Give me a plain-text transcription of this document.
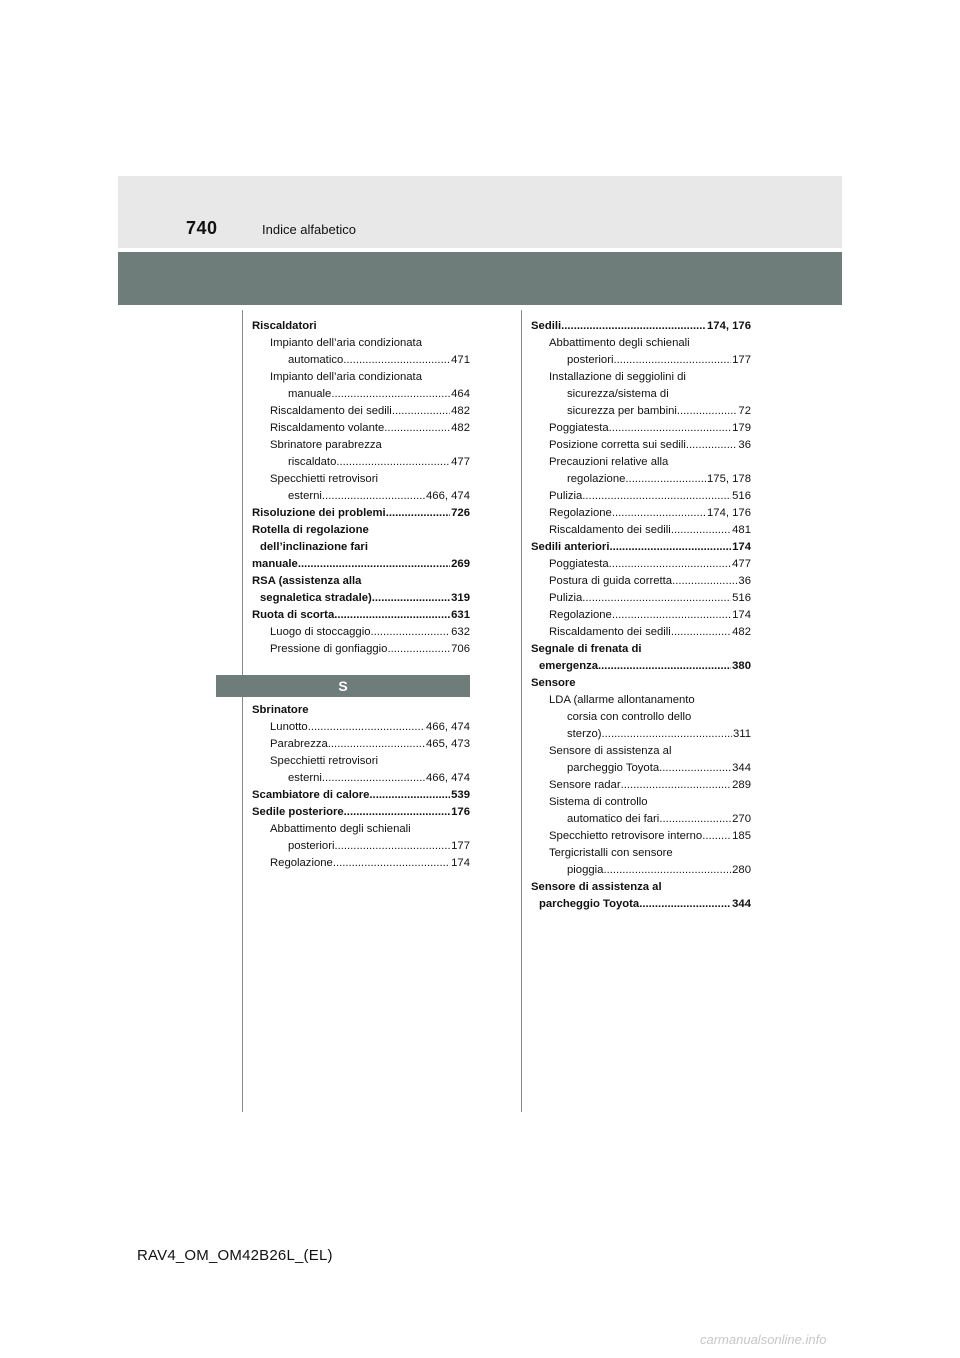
740	Indice alfabetico
Riscaldatori
Impianto dell’aria condizionata
automatico .....	471
Impianto dell’aria condizionata
manuale .....	464
Riscaldamento dei sedili .....	482
Riscaldamento volante .....	482
Sbrinatore parabrezza
riscaldato .....	477
Specchietti retrovisori
esterni .....	466, 474
Risoluzione dei problemi .....	726
Rotella di regolazione
dell’inclinazione fari
manuale .....	269
RSA (assistenza alla
segnaletica stradale) .....	319
Ruota di scorta .....	631
Luogo di stoccaggio .....	632
Pressione di gonfiaggio .....	706
S
Sbrinatore
Lunotto .....	466, 474
Parabrezza .....	465, 473
Specchietti retrovisori
esterni .....	466, 474
Scambiatore di calore .....	539
Sedile posteriore .....	176
Abbattimento degli schienali
posteriori .....	177
Regolazione .....	174
Sedili .....	174, 176
Abbattimento degli schienali
posteriori .....	177
Installazione di seggiolini di
sicurezza/sistema di
sicurezza per bambini .....	72
Poggiatesta .....	179
Posizione corretta sui sedili .....	36
Precauzioni relative alla
regolazione .....	175, 178
Pulizia .....	516
Regolazione .....	174, 176
Riscaldamento dei sedili .....	481
Sedili anteriori .....	174
Poggiatesta .....	477
Postura di guida corretta .....	36
Pulizia .....	516
Regolazione .....	174
Riscaldamento dei sedili .....	482
Segnale di frenata di
emergenza .....	380
Sensore
LDA (allarme allontanamento
corsia con controllo dello
sterzo) .....	311
Sensore di assistenza al
parcheggio Toyota .....	344
Sensore radar .....	289
Sistema di controllo
automatico dei fari .....	270
Specchietto retrovisore interno .....	185
Tergicristalli con sensore
pioggia .....	280
Sensore di assistenza al
parcheggio Toyota .....	344
RAV4_OM_OM42B26L_(EL)
carmanualsonline.info
